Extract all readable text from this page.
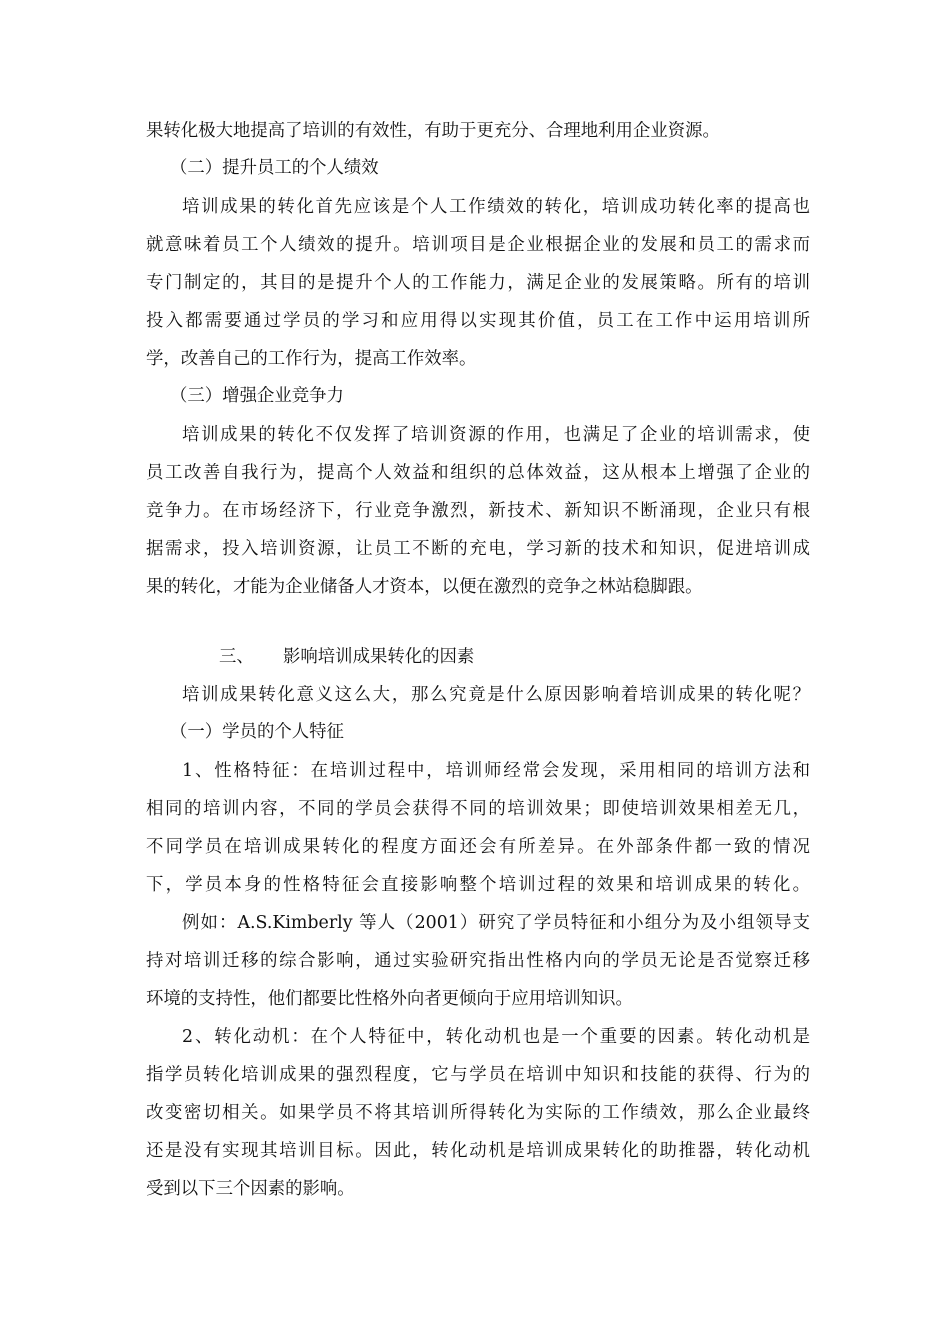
果转化极大地提高了培训的有效性，有助于更充分、合理地利用企业资源。
（二）提升员工的个人绩效
培训成果的转化首先应该是个人工作绩效的转化，培训成功转化率的提高也
就意味着员工个人绩效的提升。培训项目是企业根据企业的发展和员工的需求而
专门制定的，其目的是提升个人的工作能力，满足企业的发展策略。所有的培训
投入都需要通过学员的学习和应用得以实现其价值，员工在工作中运用培训所
学，改善自己的工作行为，提高工作效率。
（三）增强企业竞争力
培训成果的转化不仅发挥了培训资源的作用，也满足了企业的培训需求，使
员工改善自我行为，提高个人效益和组织的总体效益，这从根本上增强了企业的
竞争力。在市场经济下，行业竞争激烈，新技术、新知识不断涌现，企业只有根
据需求，投入培训资源，让员工不断的充电，学习新的技术和知识，促进培训成
果的转化，才能为企业储备人才资本，以便在激烈的竞争之林站稳脚跟。
三、 影响培训成果转化的因素
培训成果转化意义这么大，那么究竟是什么原因影响着培训成果的转化呢？
（一）学员的个人特征
1、性格特征：在培训过程中，培训师经常会发现，采用相同的培训方法和
相同的培训内容，不同的学员会获得不同的培训效果；即使培训效果相差无几，
不同学员在培训成果转化的程度方面还会有所差异。在外部条件都一致的情况
下，学员本身的性格特征会直接影响整个培训过程的效果和培训成果的转化。
例如：A.S.Kimberly 等人（2001）研究了学员特征和小组分为及小组领导支
持对培训迁移的综合影响，通过实验研究指出性格内向的学员无论是否觉察迁移
环境的支持性，他们都要比性格外向者更倾向于应用培训知识。
2、转化动机：在个人特征中，转化动机也是一个重要的因素。转化动机是
指学员转化培训成果的强烈程度，它与学员在培训中知识和技能的获得、行为的
改变密切相关。如果学员不将其培训所得转化为实际的工作绩效，那么企业最终
还是没有实现其培训目标。因此，转化动机是培训成果转化的助推器，转化动机
受到以下三个因素的影响。
